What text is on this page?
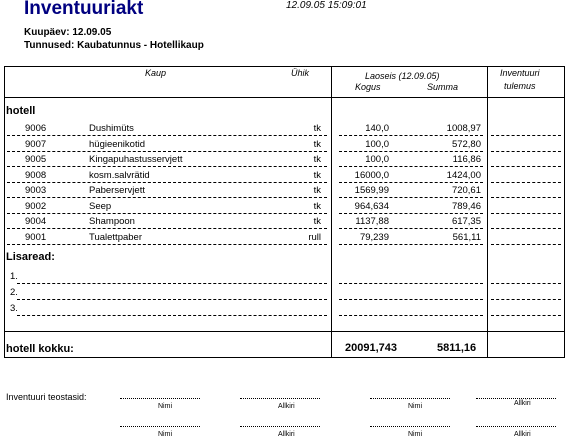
Inventuuriakt	12.09.05 15:09:01
Kuupäev: 12.09.05
Tunnused: Kaubatunnus - Hotellikaup
Kaup	Ühik	Laoseis (12.09.05)
Kogus	Summa
Inventuuri
tulemus
hotell
9006	Dushimüts	tk	140,0	1008,97
9007	hügieenikotid	tk	100,0	572,80
9005	Kingapuhastusservjett	tk	100,0	116,86
9008	kosm.salvrätid	tk	16000,0	1424,00
9003	Paberservjett	tk	1569,99	720,61
9002	Seep	tk	964,634	789,46
9004	Shampoon	tk	1137,88	617,35
9001	Tualettpaber	rull	79,239	561,11
Lisaread:
1.
2.
3.
hotell kokku:	20091,743	5811,16
Inventuuri teostasid:
Nimi	Allkiri	Nimi	Allkiri
Nimi	Allkiri	Nimi	Allkiri
